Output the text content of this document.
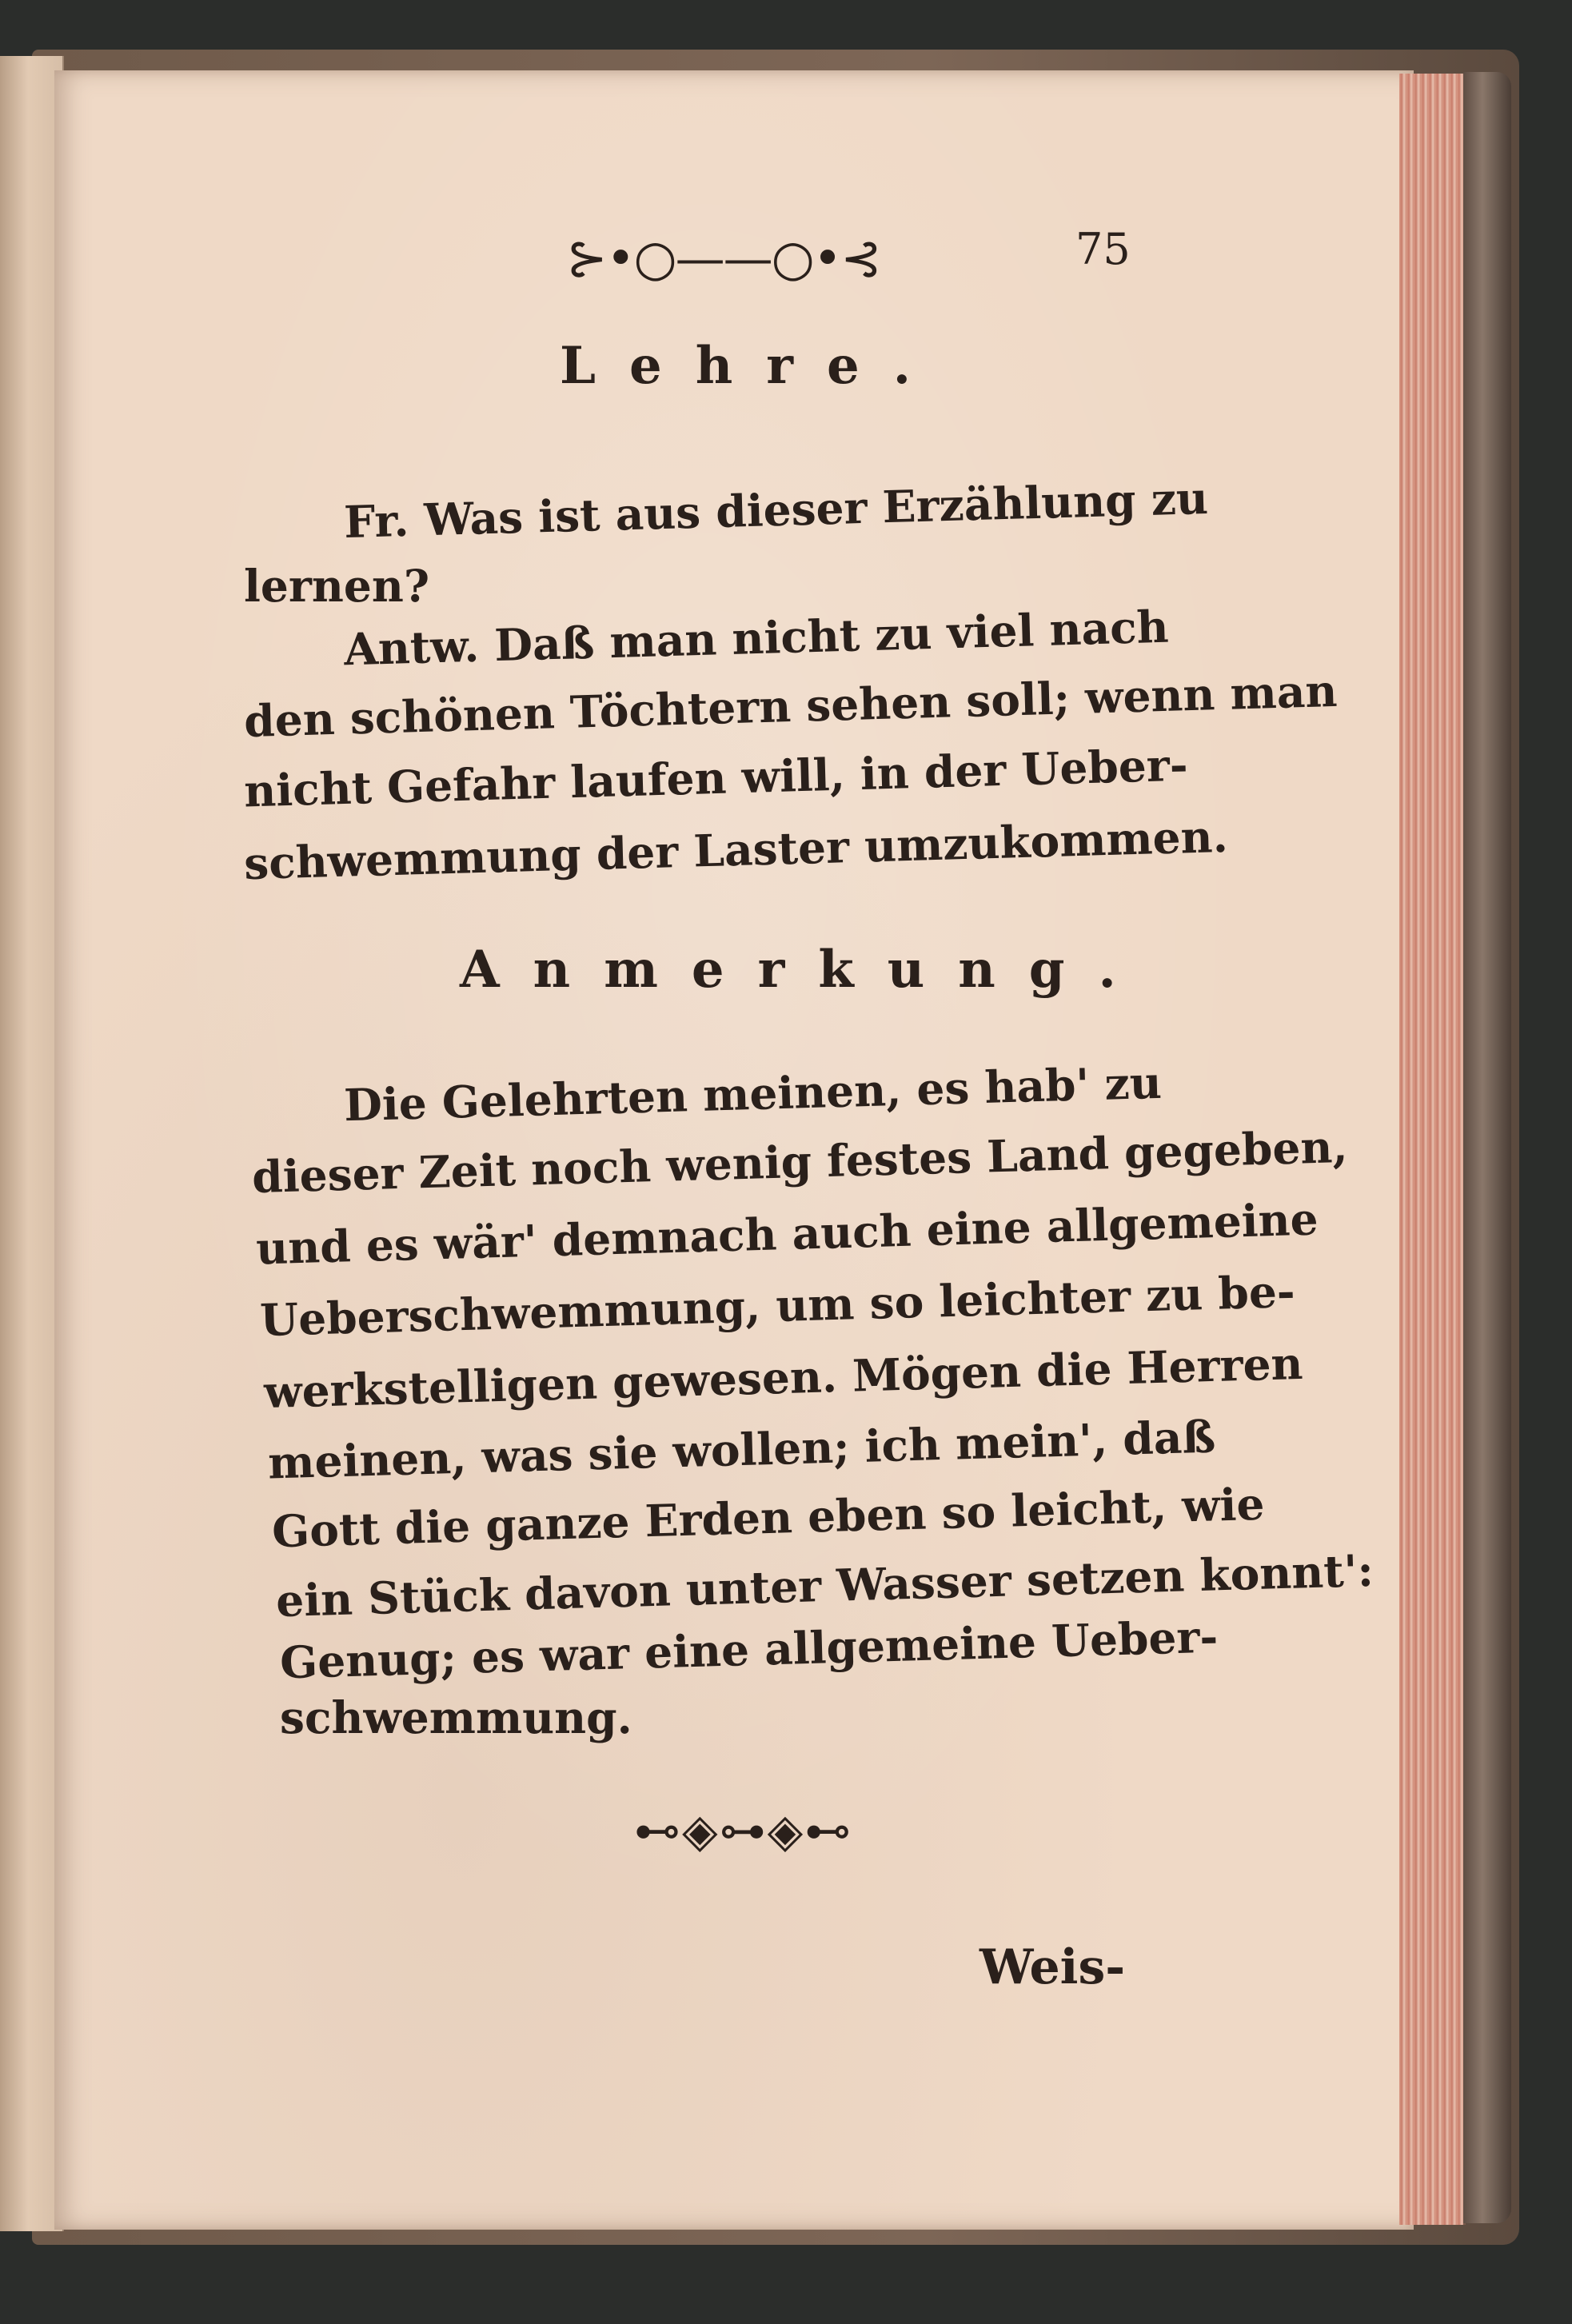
⊱•○——○•⊰	75
Lehre.
Fr. Was ist aus dieser Erzählung zu
lernen?
Antw. Daß man nicht zu viel nach
den schönen Töchtern sehen soll; wenn man
nicht Gefahr laufen will, in der Ueber-
schwemmung der Laster umzukommen.
Anmerkung.
Die Gelehrten meinen, es hab' zu
dieser Zeit noch wenig festes Land gegeben,
und es wär' demnach auch eine allgemeine
Ueberschwemmung, um so leichter zu be-
werkstelligen gewesen. Mögen die Herren
meinen, was sie wollen; ich mein', daß
Gott die ganze Erden eben so leicht, wie
ein Stück davon unter Wasser setzen konnt':
Genug; es war eine allgemeine Ueber-
schwemmung.
⊷◈⊶◈⊷
Weis-
